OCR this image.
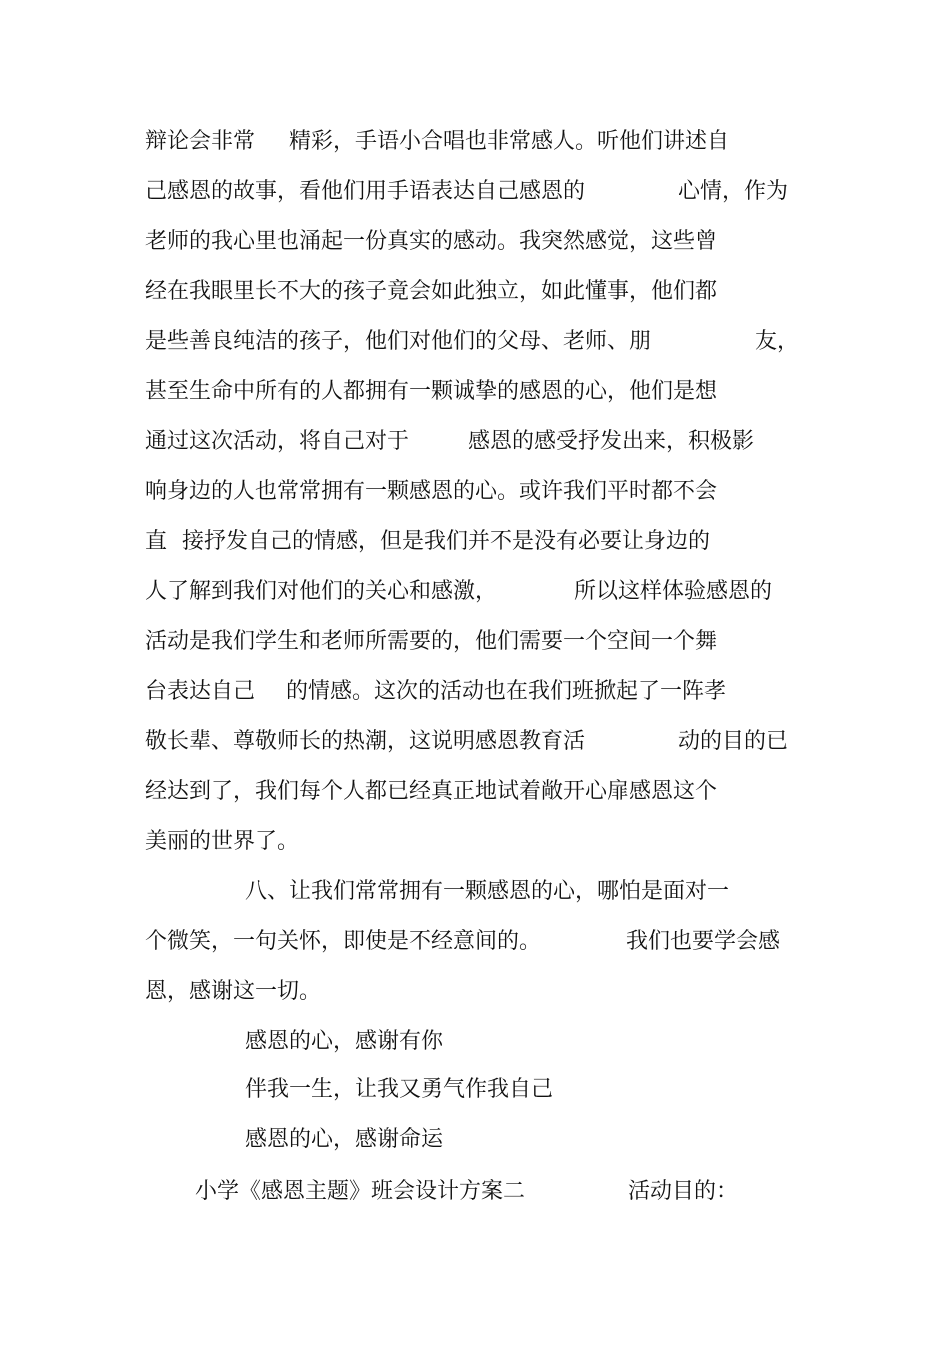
辩论会非常 精彩，手语小合唱也非常感人。听他们讲述自
己感恩的故事，看他们用手语表达自己感恩的	心情，作为
老师的我心里也涌起一份真实的感动。我突然感觉，这些曾
经在我眼里长不大的孩子竟会如此独立，如此懂事，他们都
是些善良纯洁的孩子，他们对他们的父母、老师、朋	友，
甚至生命中所有的人都拥有一颗诚挚的感恩的心，他们是想
通过这次活动，将自己对于	感恩的感受抒发出来，积极影
响身边的人也常常拥有一颗感恩的心。或许我们平时都不会
直 接抒发自己的情感，但是我们并不是没有必要让身边的
人了解到我们对他们的关心和感激，	所以这样体验感恩的
活动是我们学生和老师所需要的，他们需要一个空间一个舞
台表达自己 的情感。这次的活动也在我们班掀起了一阵孝
敬长辈、尊敬师长的热潮，这说明感恩教育活	动的目的已
经达到了，我们每个人都已经真正地试着敞开心扉感恩这个
美丽的世界了。
八、让我们常常拥有一颗感恩的心，哪怕是面对一
个微笑，一句关怀，即使是不经意间的。	我们也要学会感
恩，感谢这一切。
感恩的心，感谢有你
伴我一生，让我又勇气作我自己
感恩的心，感谢命运
小学《感恩主题》班会设计方案二	活动目的：
